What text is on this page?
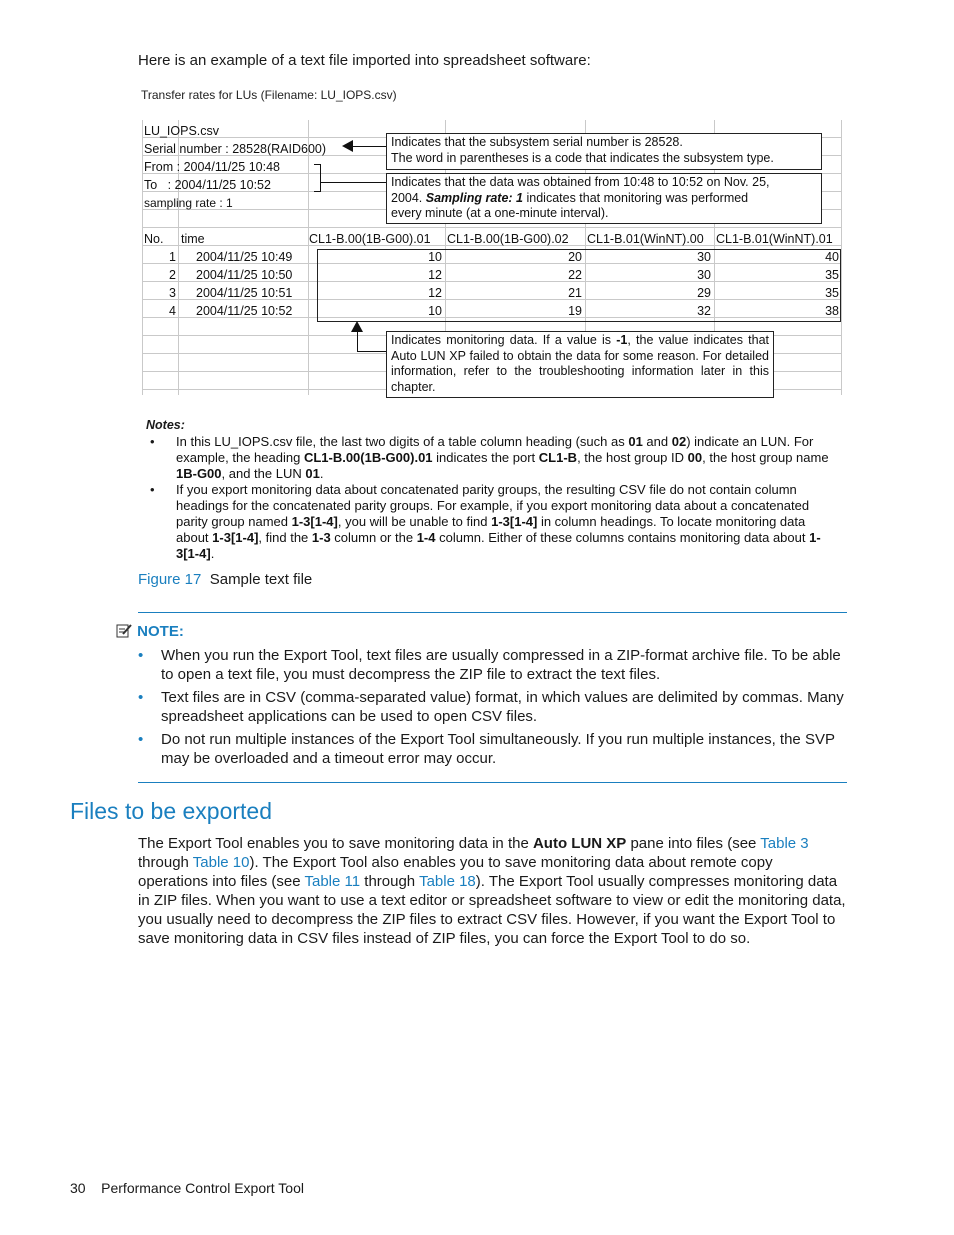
Here is an example of a text file imported into spreadsheet software:
Transfer rates for LUs (Filename: LU_IOPS.csv)
LU_IOPS.csv
Serial number : 28528(RAID600)
From : 2004/11/25 10:48
To   : 2004/11/25 10:52
sampling rate : 1
No. time	CL1-B.00(1B-G00).01 CL1-B.00(1B-G00).02 CL1-B.01(WinNT).00 CL1-B.01(WinNT).01
1 2004/11/25 10:49	10	20	30	40
2 2004/11/25 10:50	12	22	30	35
3 2004/11/25 10:51	12	21	29	35
4 2004/11/25 10:52	10	19	32	38
Indicates that the subsystem serial number is 28528.
The word in parentheses is a code that indicates the subsystem type.
Indicates that the data was obtained from 10:48 to 10:52 on Nov. 25,
2004. Sampling rate: 1 indicates that monitoring was performed
every minute (at a one-minute interval).
Indicates monitoring data. If a value is -1, the value indicates that Auto LUN XP failed to obtain the data for some reason. For detailed information, refer to the troubleshooting information later in this chapter.
Notes:
• In this LU_IOPS.csv file, the last two digits of a table column heading (such as 01 and 02) indicate an LUN. For example, the heading CL1-B.00(1B-G00).01 indicates the port CL1-B, the host group ID 00, the host group name 1B-G00, and the LUN 01.
• If you export monitoring data about concatenated parity groups, the resulting CSV file do not contain column headings for the concatenated parity groups. For example, if you export monitoring data about a concatenated parity group named 1-3[1-4], you will be unable to find 1-3[1-4] in column headings. To locate monitoring data about 1-3[1-4], find the 1-3 column or the 1-4 column. Either of these columns contains monitoring data about 1-3[1-4].
Figure 17 Sample text file
NOTE:
• When you run the Export Tool, text files are usually compressed in a ZIP-format archive file. To be able to open a text file, you must decompress the ZIP file to extract the text files.
• Text files are in CSV (comma-separated value) format, in which values are delimited by commas. Many spreadsheet applications can be used to open CSV files.
• Do not run multiple instances of the Export Tool simultaneously. If you run multiple instances, the SVP may be overloaded and a timeout error may occur.
Files to be exported
The Export Tool enables you to save monitoring data in the Auto LUN XP pane into files (see Table 3 through Table 10). The Export Tool also enables you to save monitoring data about remote copy operations into files (see Table 11 through Table 18). The Export Tool usually compresses monitoring data in ZIP files. When you want to use a text editor or spreadsheet software to view or edit the monitoring data, you usually need to decompress the ZIP files to extract CSV files. However, if you want the Export Tool to save monitoring data in CSV files instead of ZIP files, you can force the Export Tool to do so.
30 Performance Control Export Tool
